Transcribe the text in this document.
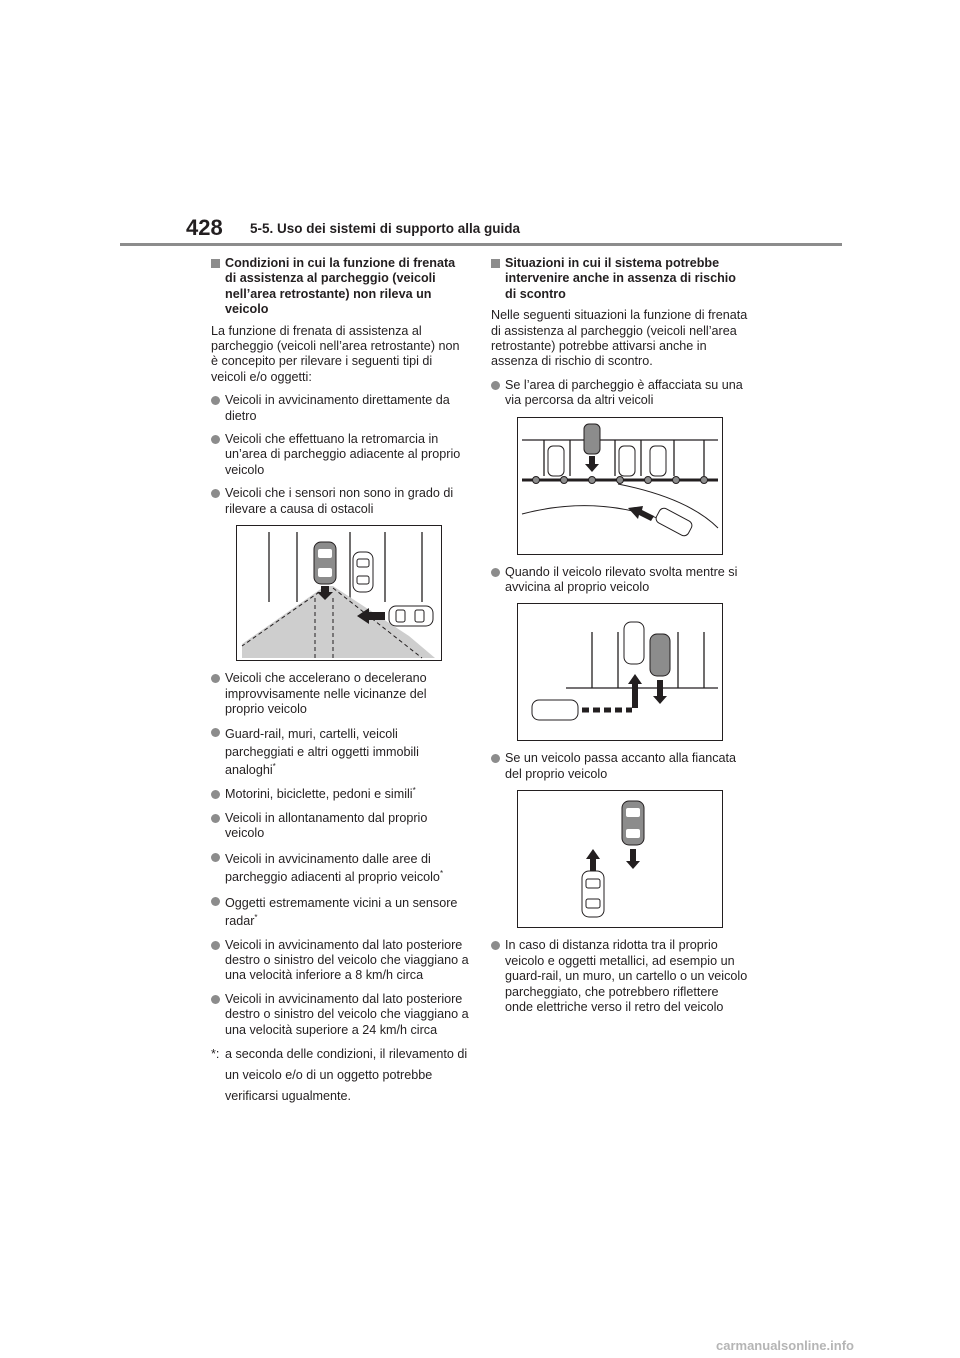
428 5-5. Uso dei sistemi di supporto alla guida
Condizioni in cui la funzione di frenata di assistenza al parcheggio (veicoli nell’area retrostante) non rileva un veicolo
La funzione di frenata di assistenza al parcheggio (veicoli nell’area retrostante) non è concepito per rilevare i seguenti tipi di veicoli e/o oggetti:
Veicoli in avvicinamento direttamente da dietro
Veicoli che effettuano la retromarcia in un’area di parcheggio adiacente al proprio veicolo
Veicoli che i sensori non sono in grado di rilevare a causa di ostacoli
Veicoli che accelerano o decelerano improvvisamente nelle vicinanze del proprio veicolo
Guard-rail, muri, cartelli, veicoli parcheggiati e altri oggetti immobili analoghi*
Motorini, biciclette, pedoni e simili*
Veicoli in allontanamento dal proprio veicolo
Veicoli in avvicinamento dalle aree di parcheggio adiacenti al proprio veicolo*
Oggetti estremamente vicini a un sensore radar*
Veicoli in avvicinamento dal lato posteriore destro o sinistro del veicolo che viaggiano a una velocità inferiore a 8 km/h circa
Veicoli in avvicinamento dal lato posteriore destro o sinistro del veicolo che viaggiano a una velocità superiore a 24 km/h circa
*: a seconda delle condizioni, il rilevamento di un veicolo e/o di un oggetto potrebbe verificarsi ugualmente.
Situazioni in cui il sistema potrebbe intervenire anche in assenza di rischio di scontro
Nelle seguenti situazioni la funzione di frenata di assistenza al parcheggio (veicoli nell’area retrostante) potrebbe attivarsi anche in assenza di rischio di scontro.
Se l’area di parcheggio è affacciata su una via percorsa da altri veicoli
Quando il veicolo rilevato svolta mentre si avvicina al proprio veicolo
Se un veicolo passa accanto alla fiancata del proprio veicolo
In caso di distanza ridotta tra il proprio veicolo e oggetti metallici, ad esempio un guard-rail, un muro, un cartello o un veicolo parcheggiato, che potrebbero riflettere onde elettriche verso il retro del veicolo
carmanualsonline.info
